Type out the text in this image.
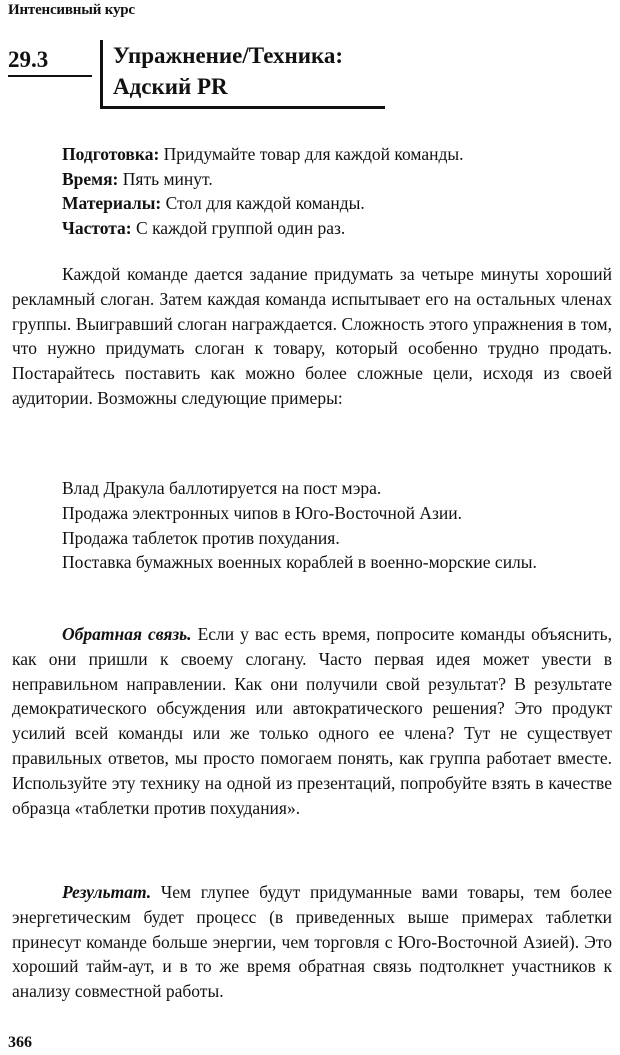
Интенсивный курс
29.3	Упражнение/Техника:
Адский PR
Подготовка: Придумайте товар для каждой команды.
Время: Пять минут.
Материалы: Стол для каждой команды.
Частота: С каждой группой один раз.

Каждой команде дается задание придумать за четыре минуты хороший рекламный слоган. Затем каждая команда испытывает его на остальных членах группы. Выигравший слоган награждается. Сложность этого упражнения в том, что нужно придумать слоган к товару, который особенно трудно продать. Постарайтесь поставить как можно более сложные цели, исходя из своей аудитории. Возможны следующие примеры:

Влад Дракула баллотируется на пост мэра.

Продажа электронных чипов в Юго-Восточной Азии.

Продажа таблеток против похудания.

Поставка бумажных военных кораблей в военно-морские силы.

Обратная связь. Если у вас есть время, попросите команды объяснить, как они пришли к своему слогану. Часто первая идея может увести в неправильном направлении. Как они получили свой результат? В результате демократического обсуждения или автократического решения? Это продукт усилий всей команды или же только одного ее члена? Тут не существует правильных ответов, мы просто помогаем понять, как группа работает вместе. Используйте эту технику на одной из презентаций, попробуйте взять в качестве образца «таблетки против похудания».

Результат. Чем глупее будут придуманные вами товары, тем более энергетическим будет процесс (в приведенных выше примерах таблетки принесут команде больше энергии, чем торговля с Юго-Восточной Азией). Это хороший тайм-аут, и в то же время обратная связь подтолкнет участников к анализу совместной работы.

366
